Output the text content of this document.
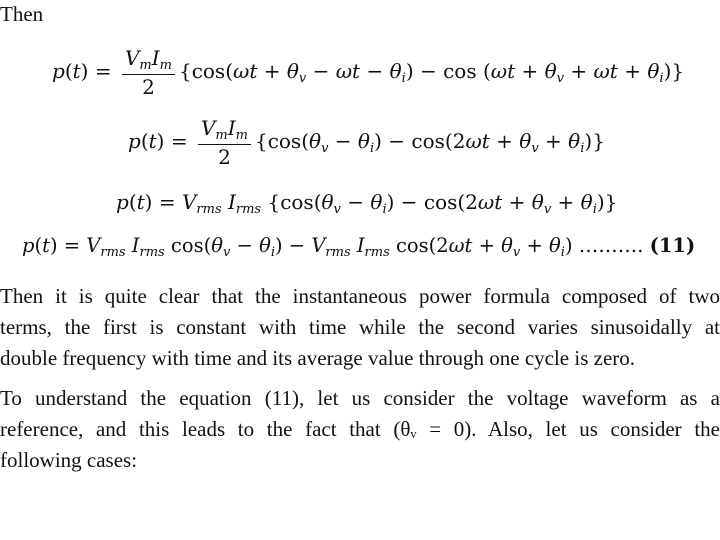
Then
$p(t) = \frac{V_mI_m}{2} \{\cos(\omega t + \theta_v - \omega t - \theta_i) - \cos (\omega t + \theta_v + \omega t + \theta_i)\}$
$p(t) = \frac{V_mI_m}{2} \{\cos(\theta_v - \theta_i) - \cos(2\omega t + \theta_v + \theta_i)\}$
$p(t) = V_{rms}$ $I_{rms}$ $\{\cos(\theta_v - \theta_i) - \cos(2\omega t + \theta_v + \theta_i)\}$
$p(t) = V_{rms}$ $I_{rms}$ $\cos(\theta_v - \theta_i) - V_{rms}$ $I_{rms}$ $\cos(2\omega t + \theta_v + \theta_i)$ ………. (11)
Then it is quite clear that the instantaneous power formula composed of two
terms, the first is constant with time while the second varies sinusoidally at
double frequency with time and its average value through one cycle is zero.
To understand the equation (11), let us consider the voltage waveform as a
reference, and this leads to the fact that (θᵥ = 0). Also, let us consider the
following cases:
